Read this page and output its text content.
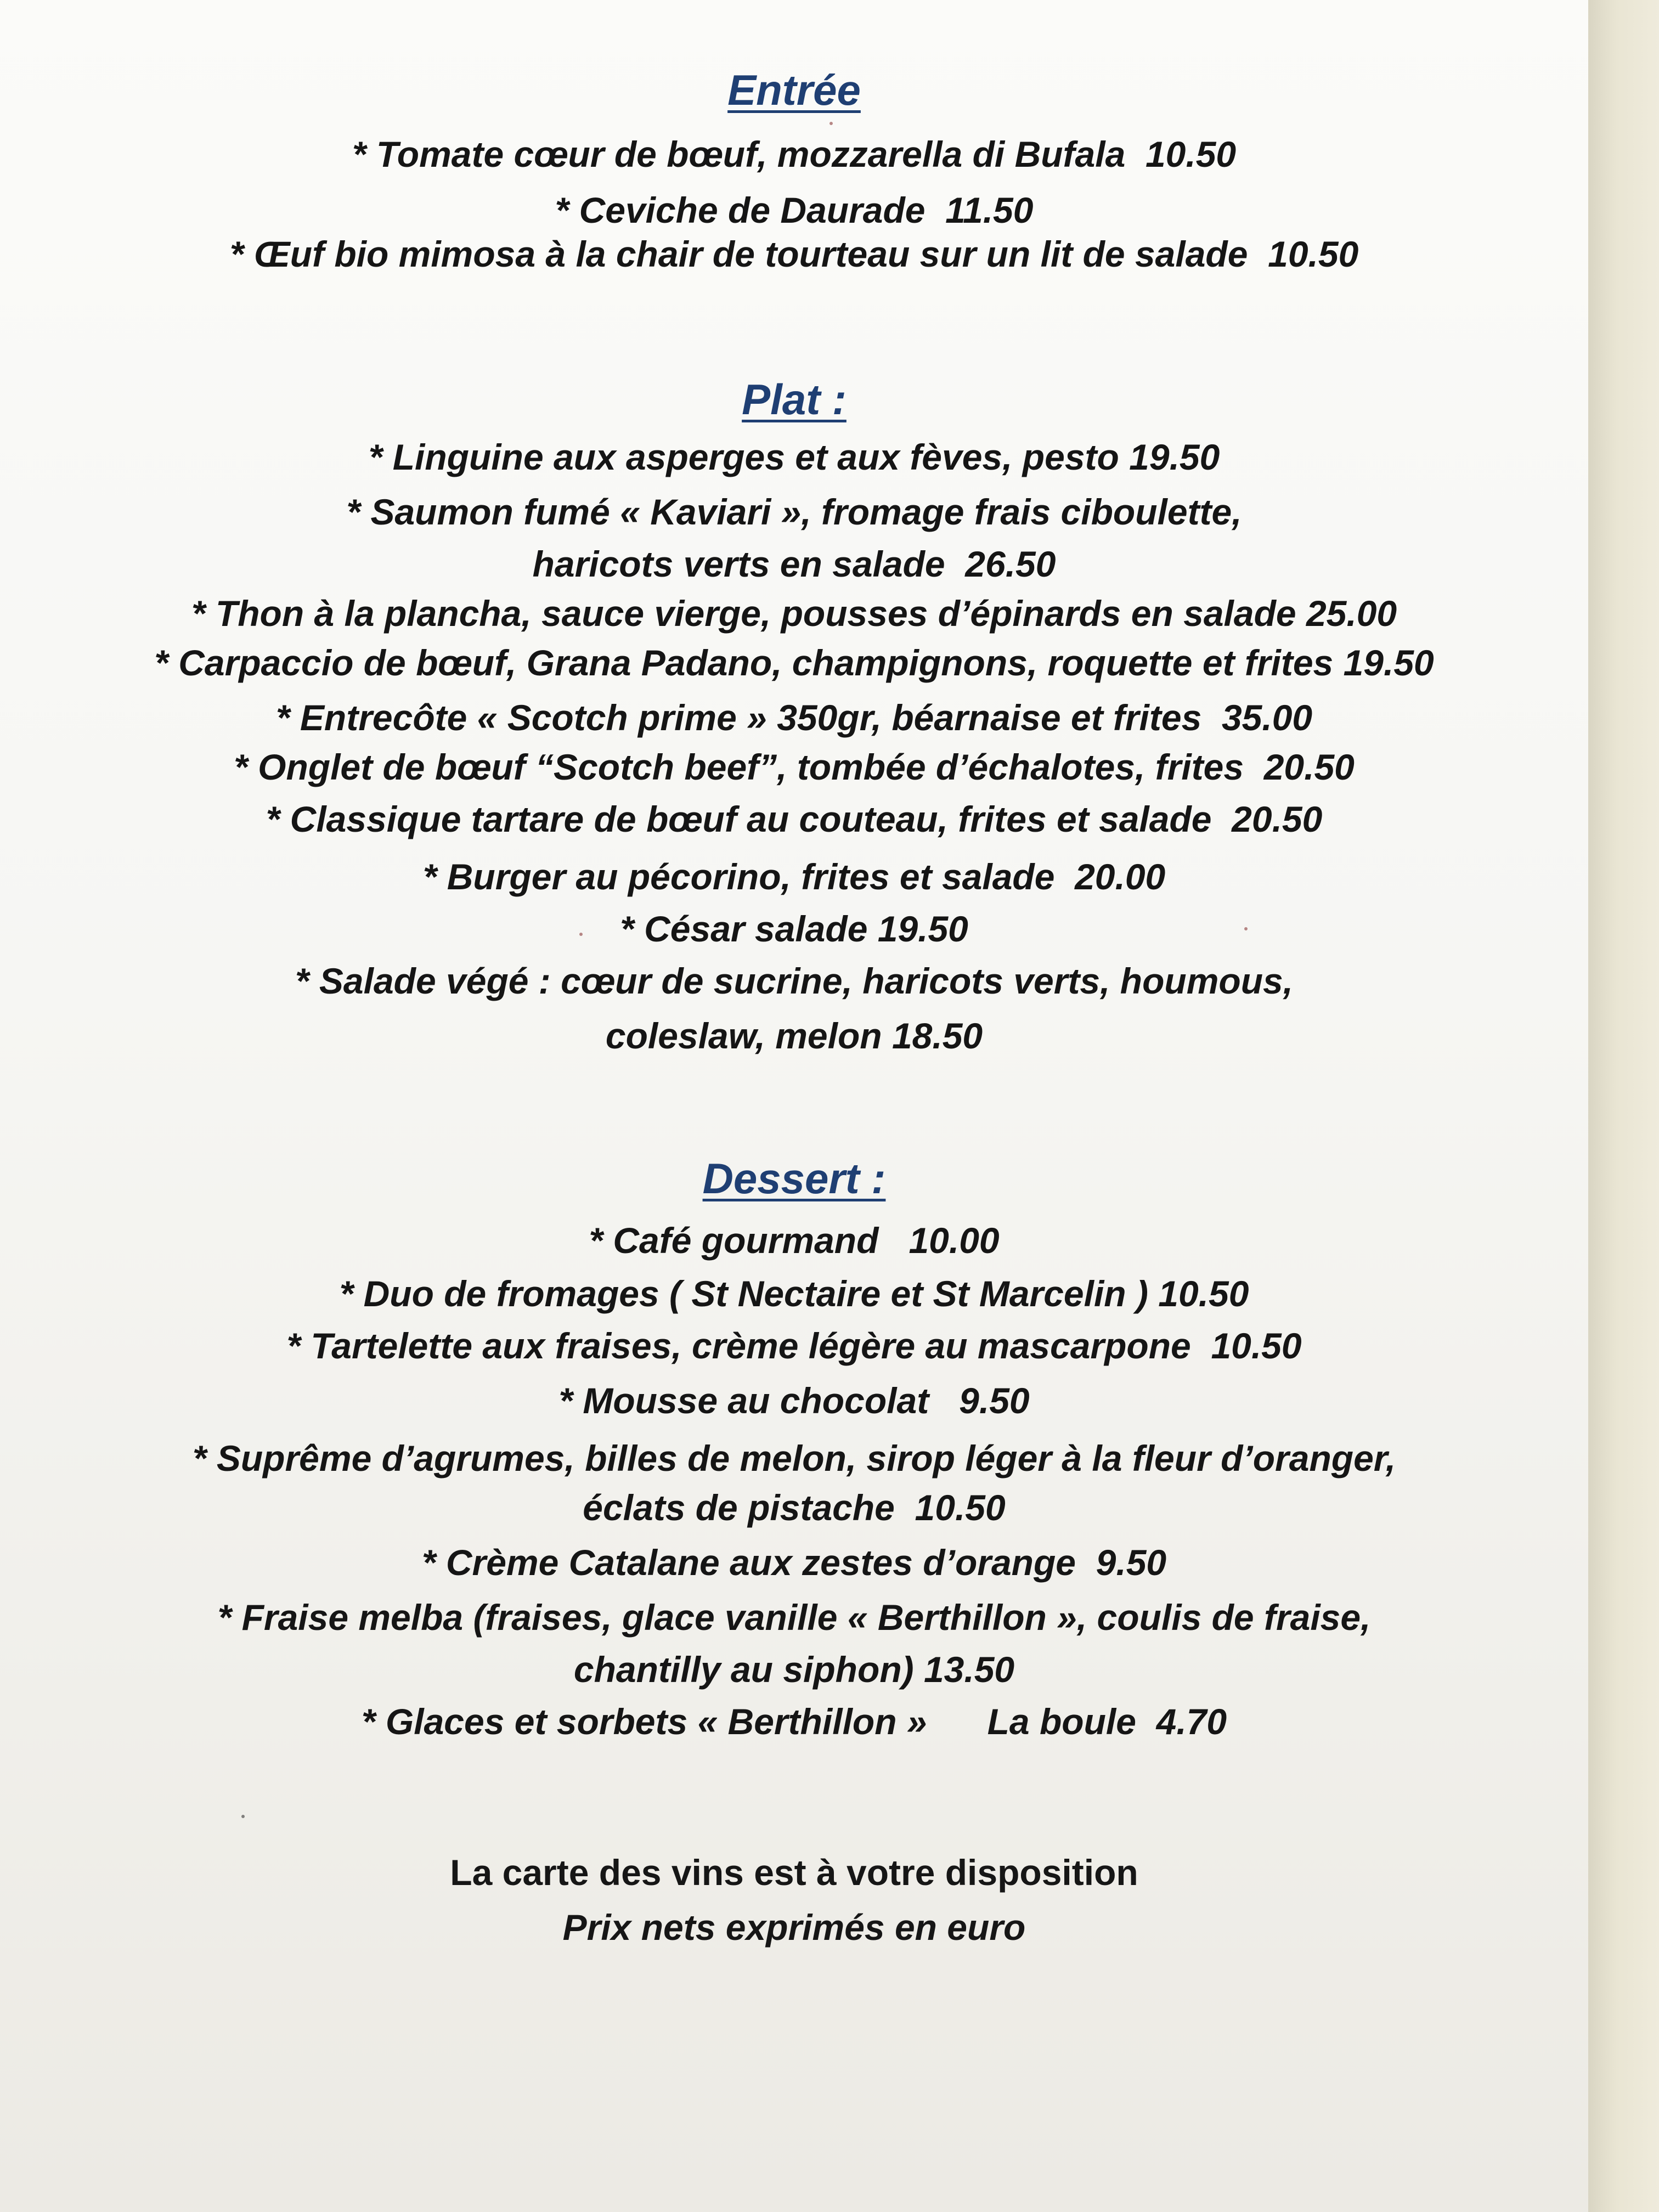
Entrée
* Tomate cœur de bœuf, mozzarella di Bufala  10.50
* Ceviche de Daurade  11.50
* Œuf bio mimosa à la chair de tourteau sur un lit de salade  10.50
Plat :
* Linguine aux asperges et aux fèves, pesto 19.50
* Saumon fumé « Kaviari », fromage frais ciboulette,
haricots verts en salade  26.50
* Thon à la plancha, sauce vierge, pousses d’épinards en salade 25.00
* Carpaccio de bœuf, Grana Padano, champignons, roquette et frites 19.50
* Entrecôte « Scotch prime » 350gr, béarnaise et frites  35.00
* Onglet de bœuf “Scotch beef”, tombée d’échalotes, frites  20.50
* Classique tartare de bœuf au couteau, frites et salade  20.50
* Burger au pécorino, frites et salade  20.00
* César salade 19.50
* Salade végé : cœur de sucrine, haricots verts, houmous,
coleslaw, melon 18.50
Dessert :
* Café gourmand   10.00
* Duo de fromages ( St Nectaire et St Marcelin ) 10.50
* Tartelette aux fraises, crème légère au mascarpone  10.50
* Mousse au chocolat   9.50
* Suprême d’agrumes, billes de melon, sirop léger à la fleur d’oranger,
éclats de pistache  10.50
* Crème Catalane aux zestes d’orange  9.50
* Fraise melba (fraises, glace vanille « Berthillon », coulis de fraise,
chantilly au siphon) 13.50
* Glaces et sorbets « Berthillon »      La boule  4.70
La carte des vins est à votre disposition
Prix nets exprimés en euro
